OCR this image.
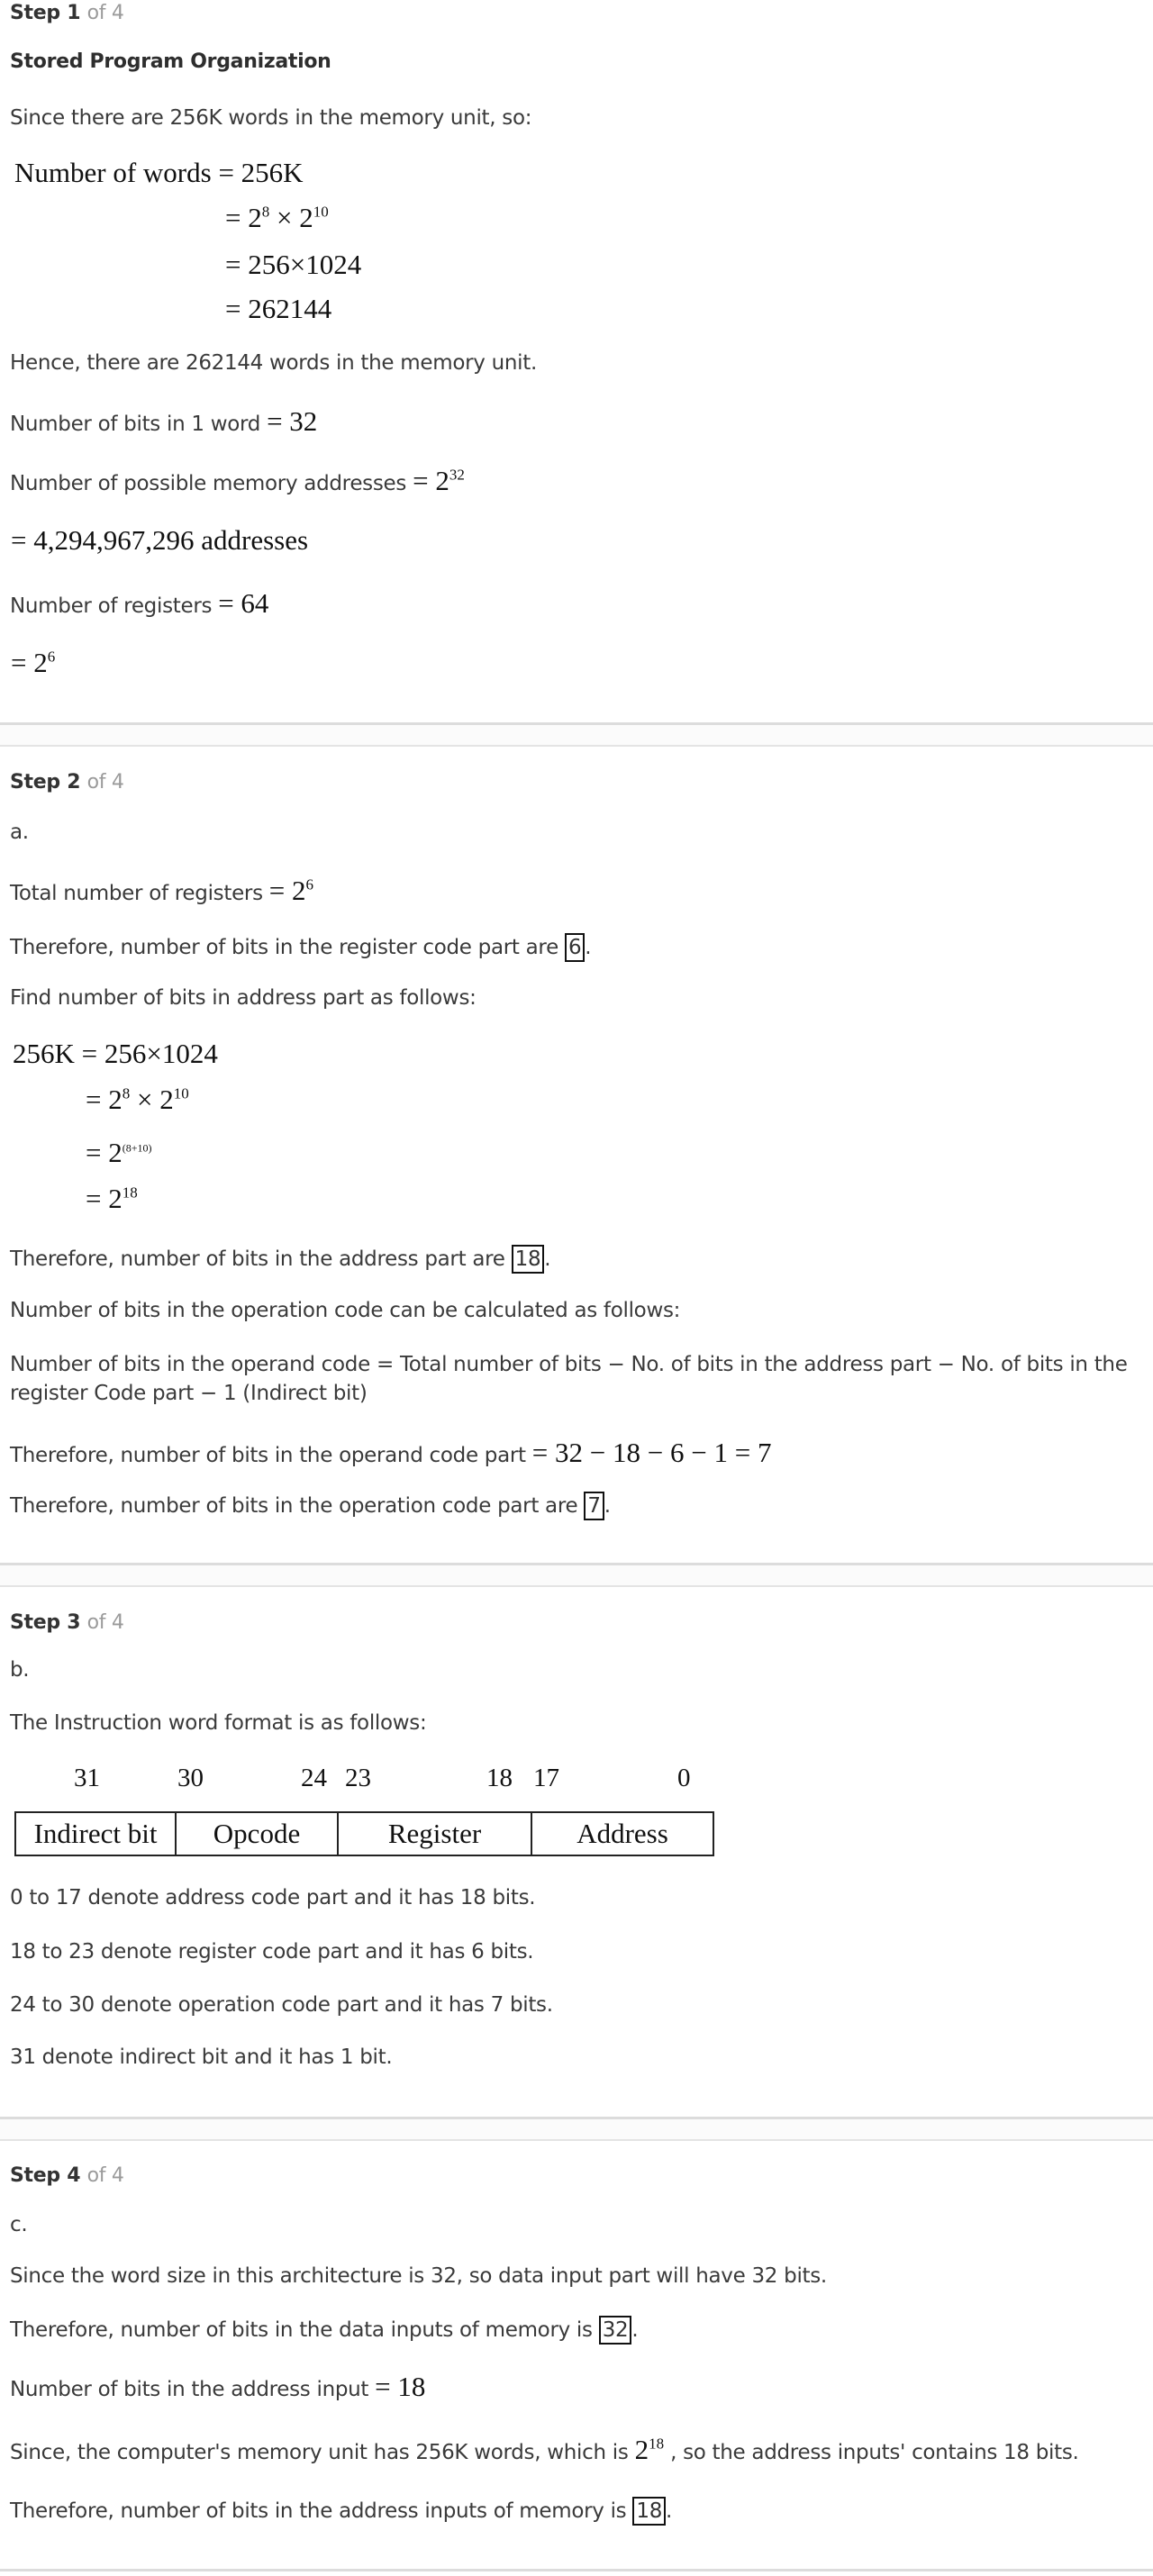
Step 1 of 4
Stored Program Organization
Since there are 256K words in the memory unit, so:
Number of words = 256K
= $2^8 \times 2^{10}$
= 256×1024
= 262144
Hence, there are 262144 words in the memory unit.
Number of bits in 1 word = 32
Number of possible memory addresses = $2^{32}$
= 4,294,967,296 addresses
Number of registers = 64
= $2^6$
Step 2 of 4
a.
Total number of registers = $2^6$
Therefore, number of bits in the register code part are 6 .
Find number of bits in address part as follows:
256K = 256×1024
= $2^8 \times 2^{10}$
= $2^{(8+10)}$
= $2^{18}$
Therefore, number of bits in the address part are 18 .
Number of bits in the operation code can be calculated as follows:
Number of bits in the operand code = Total number of bits − No. of bits in the address part − No. of bits in the
register Code part − 1 (Indirect bit)
Therefore, number of bits in the operand code part = 32 − 18 − 6 − 1 = 7
Therefore, number of bits in the operation code part are 7 .
Step 3 of 4
b.
The Instruction word format is as follows:
31	30	24 23	18 17	0
Indirect bit	Opcode	Register	Address
0 to 17 denote address code part and it has 18 bits.
18 to 23 denote register code part and it has 6 bits.
24 to 30 denote operation code part and it has 7 bits.
31 denote indirect bit and it has 1 bit.
Step 4 of 4
c.
Since the word size in this architecture is 32, so data input part will have 32 bits.
Therefore, number of bits in the data inputs of memory is 32 .
Number of bits in the address input = 18
Since, the computer's memory unit has 256K words, which is $2^{18}$ , so the address inputs' contains 18 bits.
Therefore, number of bits in the address inputs of memory is 18 .
